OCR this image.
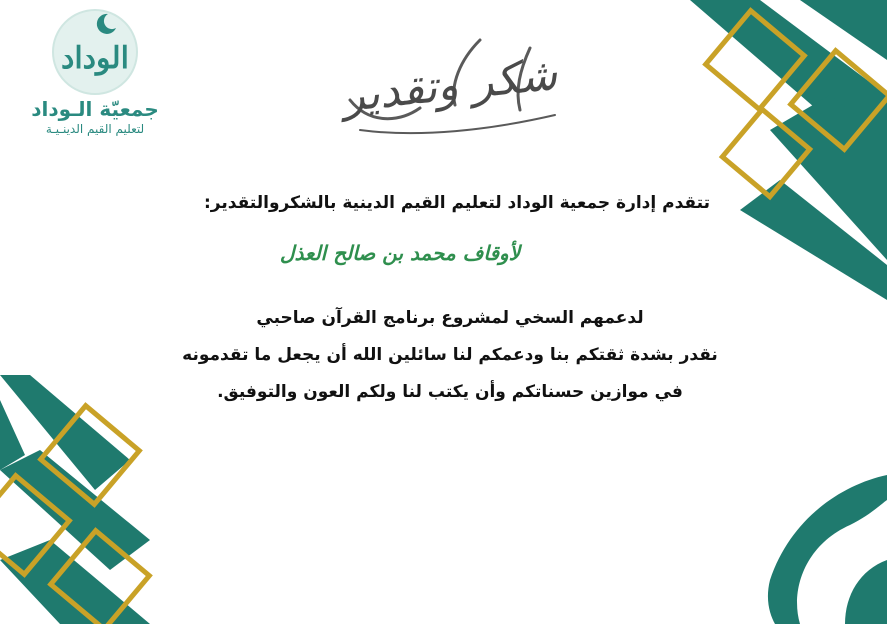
الوداد
جمعيّة الـوداد
لتعليم القيم الدينـيـة
شكر وتقدير
تتقدم إدارة جمعية الوداد لتعليم القيم الدينية بالشكروالتقدير:
لأوقاف محمد بن صالح العذل
لدعمهم السخي لمشروع برنامج القرآن صاحبي
نقدر بشدة ثقتكم بنا ودعمكم لنا سائلين الله أن يجعل ما تقدمونه
في موازين حسناتكم وأن يكتب لنا ولكم العون والتوفيق.
